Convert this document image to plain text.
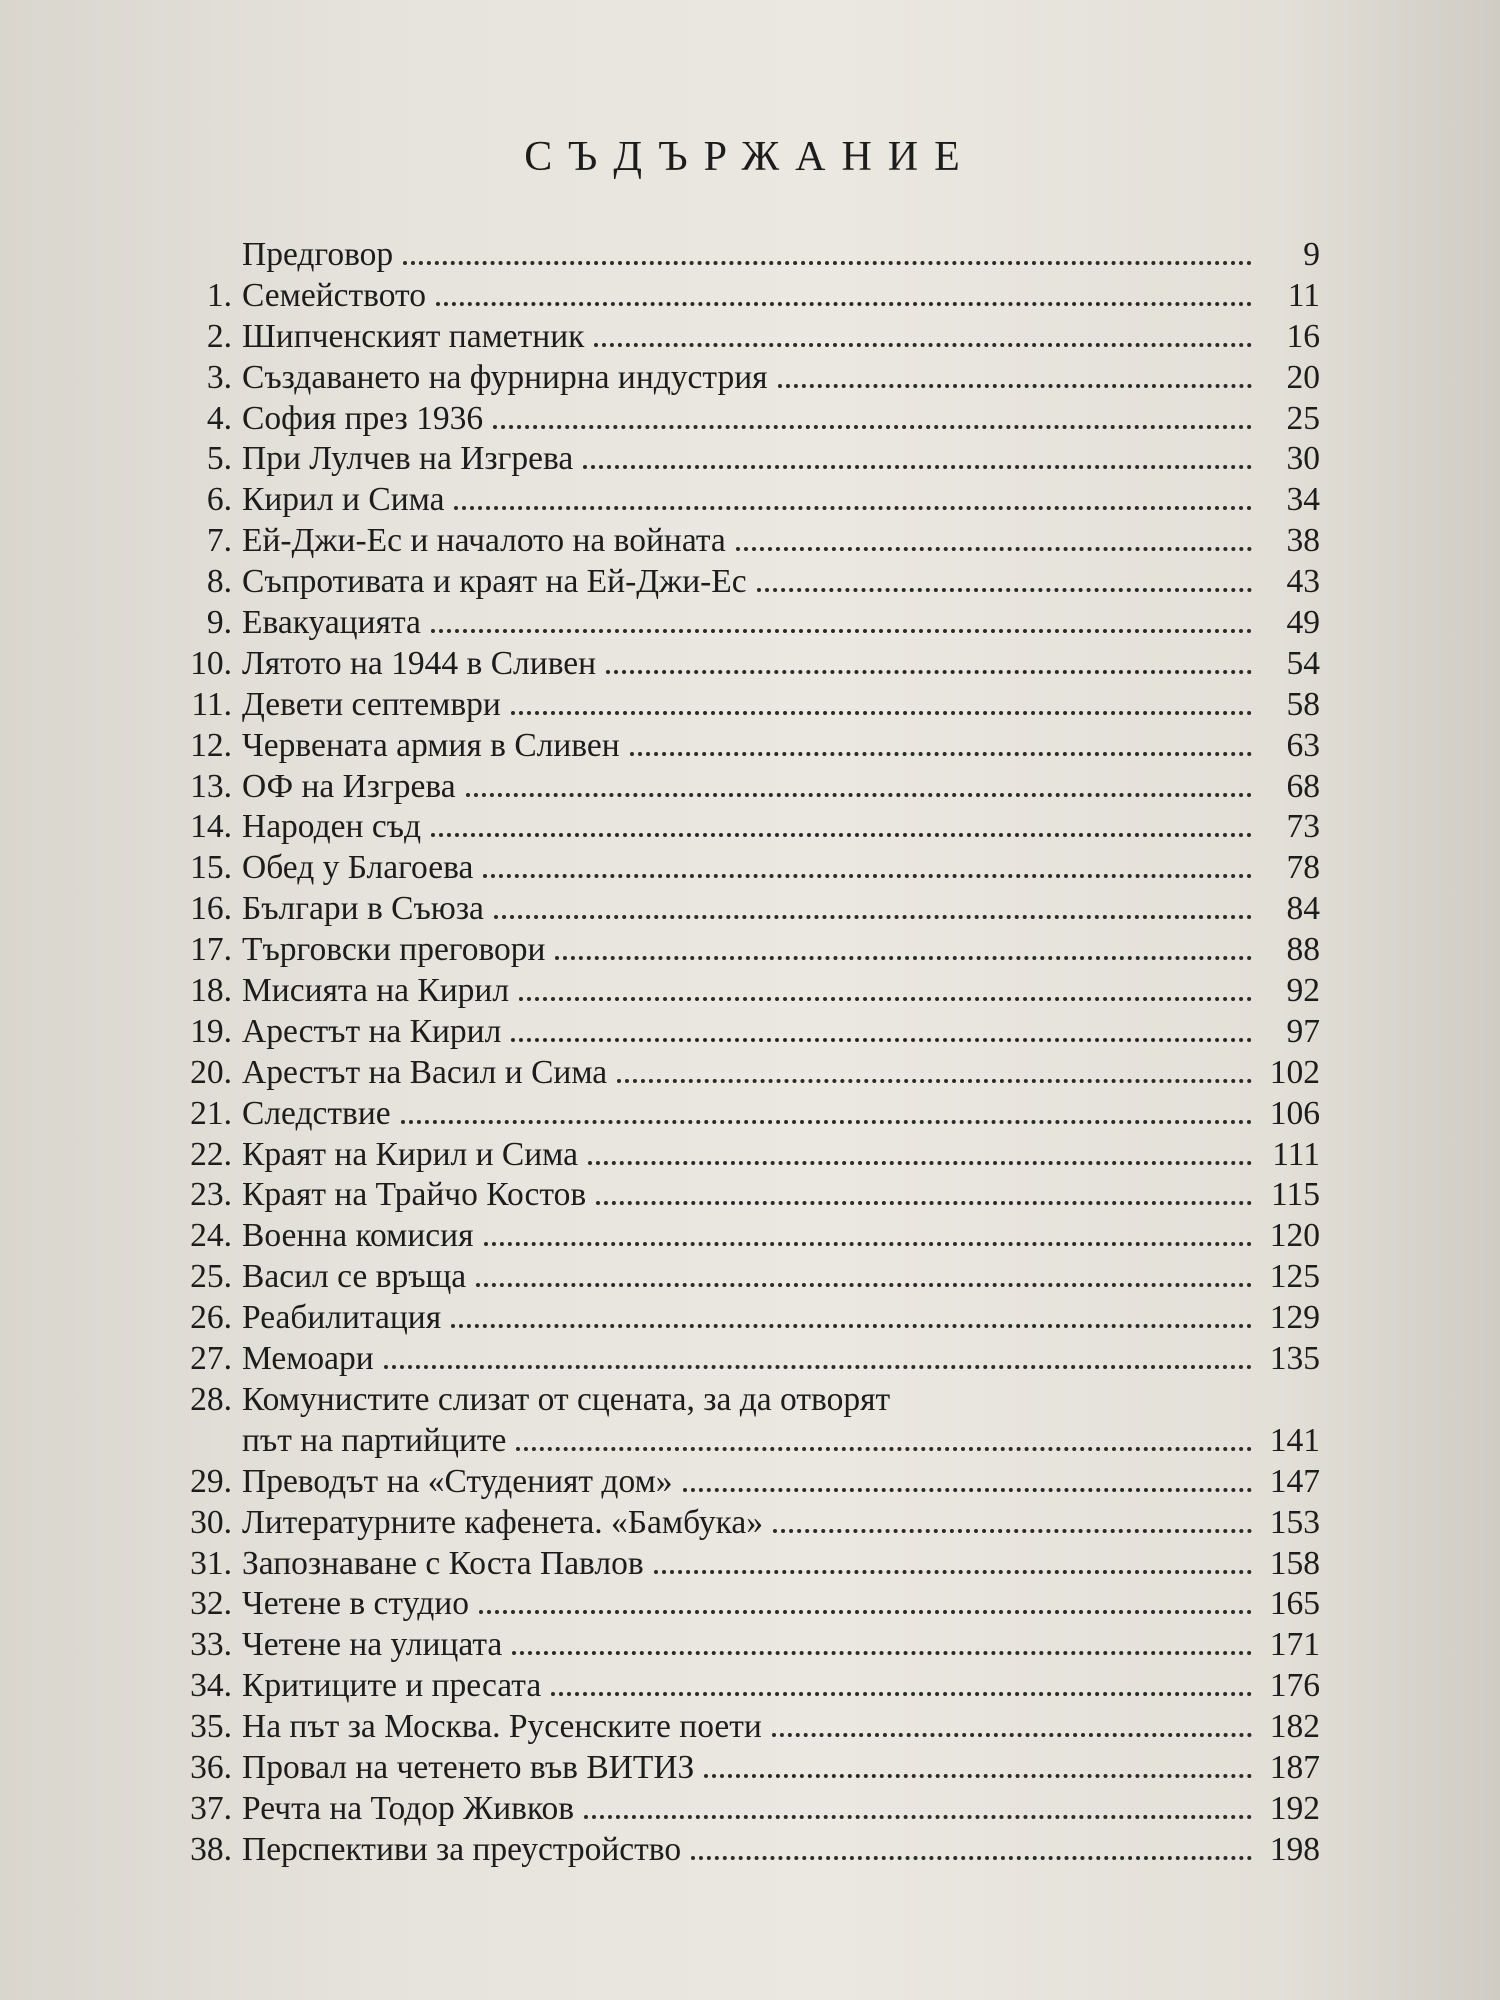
СЪДЪРЖАНИЕ
Предговор	9
1. Семейството	11
2. Шипченският паметник	16
3. Създаването на фурнирна индустрия	20
4. София през 1936	25
5. При Лулчев на Изгрева	30
6. Кирил и Сима	34
7. Ей-Джи-Ес и началото на войната	38
8. Съпротивата и краят на Ей-Джи-Ес	43
9. Евакуацията	49
10. Лятото на 1944 в Сливен	54
11. Девети септември	58
12. Червената армия в Сливен	63
13. ОФ на Изгрева	68
14. Народен съд	73
15. Обед у Благоева	78
16. Българи в Съюза	84
17. Търговски преговори	88
18. Мисията на Кирил	92
19. Арестът на Кирил	97
20. Арестът на Васил и Сима	102
21. Следствие	106
22. Краят на Кирил и Сима	111
23. Краят на Трайчо Костов	115
24. Военна комисия	120
25. Васил се връща	125
26. Реабилитация	129
27. Мемоари	135
28. Комунистите слизат от сцената, за да отворят
път на партийците	141
29. Преводът на «Студеният дом»	147
30. Литературните кафенета. «Бамбука»	153
31. Запознаване с Коста Павлов	158
32. Четене в студио	165
33. Четене на улицата	171
34. Критиците и пресата	176
35. На път за Москва. Русенските поети	182
36. Провал на четенето във ВИТИЗ	187
37. Речта на Тодор Живков	192
38. Перспективи за преустройство	198
